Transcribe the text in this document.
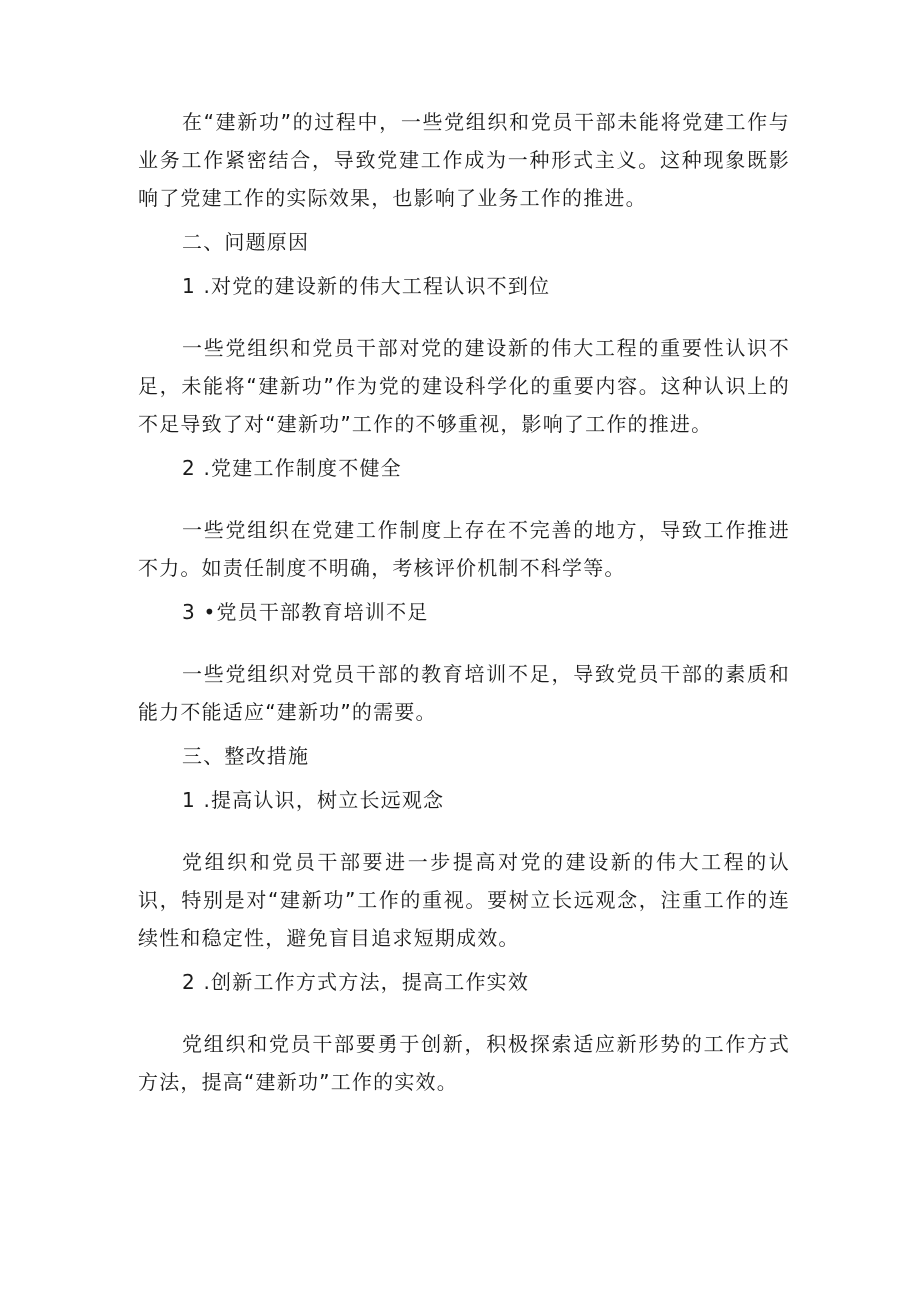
在“建新功”的过程中，一些党组织和党员干部未能将党建工作与业务工作紧密结合，导致党建工作成为一种形式主义。这种现象既影响了党建工作的实际效果，也影响了业务工作的推进。

二、问题原因

1 .对党的建设新的伟大工程认识不到位

一些党组织和党员干部对党的建设新的伟大工程的重要性认识不足，未能将“建新功”作为党的建设科学化的重要内容。这种认识上的不足导致了对“建新功”工作的不够重视，影响了工作的推进。

2 .党建工作制度不健全

一些党组织在党建工作制度上存在不完善的地方，导致工作推进不力。如责任制度不明确，考核评价机制不科学等。

3 •党员干部教育培训不足

一些党组织对党员干部的教育培训不足，导致党员干部的素质和能力不能适应“建新功”的需要。

三、整改措施

1 .提高认识，树立长远观念

党组织和党员干部要进一步提高对党的建设新的伟大工程的认识，特别是对“建新功”工作的重视。要树立长远观念，注重工作的连续性和稳定性，避免盲目追求短期成效。

2 .创新工作方式方法，提高工作实效

党组织和党员干部要勇于创新，积极探索适应新形势的工作方式方法，提高“建新功”工作的实效。
